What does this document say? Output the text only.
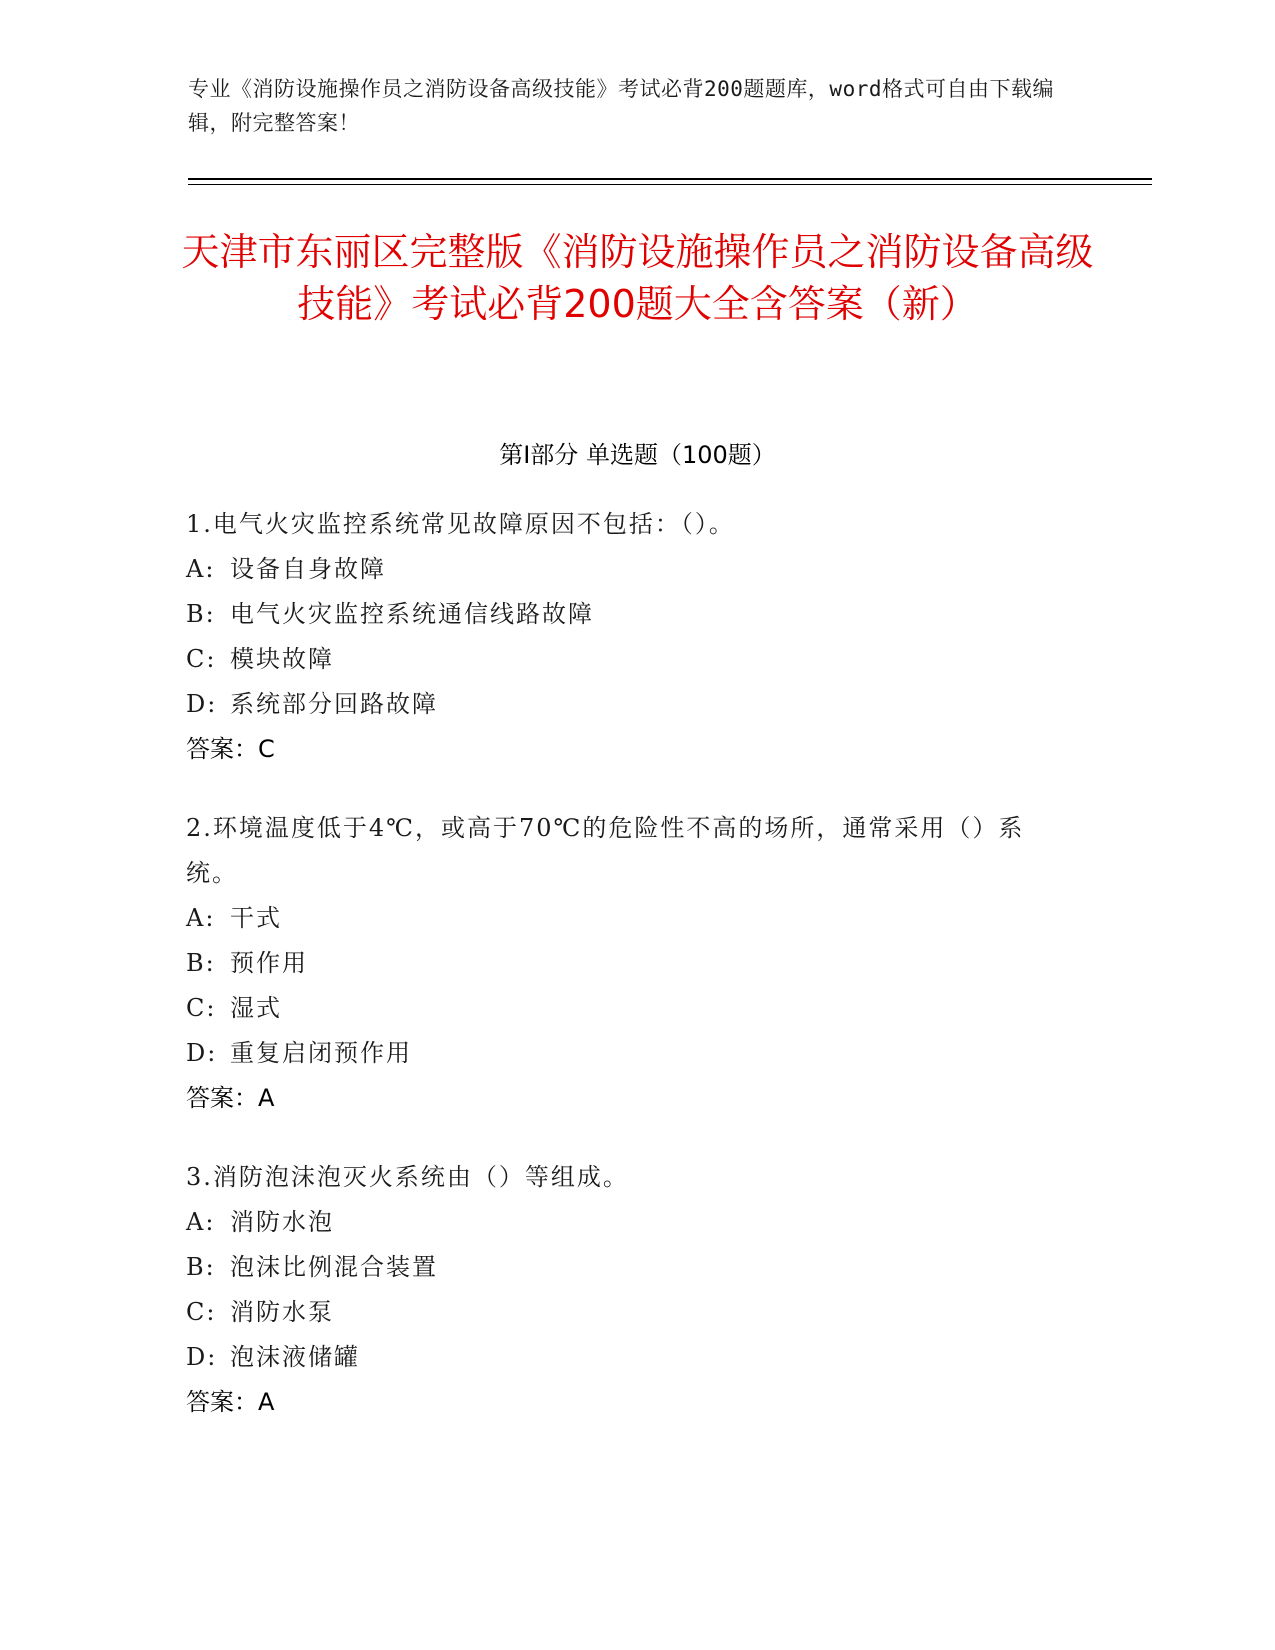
专业《消防设施操作员之消防设备高级技能》考试必背200题题库，word格式可自由下载编辑，附完整答案！
天津市东丽区完整版《消防设施操作员之消防设备高级技能》考试必背200题大全含答案（新）
第I部分 单选题（100题）
1.电气火灾监控系统常见故障原因不包括：（）。
A: 设备自身故障
B: 电气火灾监控系统通信线路故障
C: 模块故障
D: 系统部分回路故障
答案：C
2.环境温度低于4℃，或高于70℃的危险性不高的场所，通常采用（）系统。
A: 干式
B: 预作用
C: 湿式
D: 重复启闭预作用
答案：A
3.消防泡沫泡灭火系统由（）等组成。
A: 消防水泡
B: 泡沫比例混合装置
C: 消防水泵
D: 泡沫液储罐
答案：A
